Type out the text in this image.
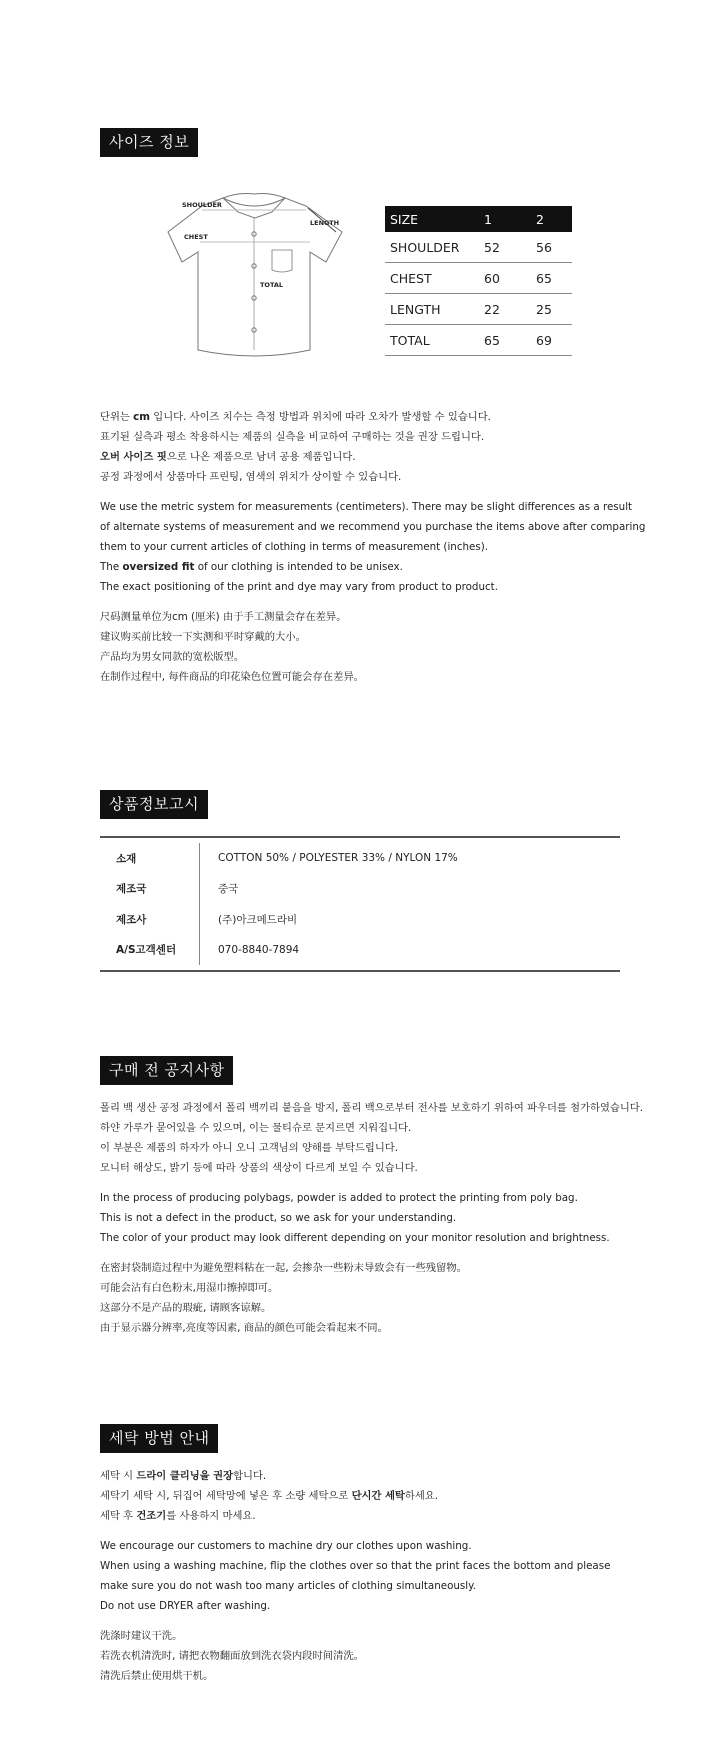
사이즈 정보
SHOULDER
CHEST
LENGTH
TOTAL
SIZE	1	2
SHOULDER	52	56
CHEST	60	65
LENGTH	22	25
TOTAL	65	69

단위는 cm 입니다. 사이즈 치수는 측정 방법과 위치에 따라 오차가 발생할 수 있습니다.

표기된 실측과 평소 착용하시는 제품의 실측을 비교하여 구매하는 것을 권장 드립니다.

오버 사이즈 핏으로 나온 제품으로 남녀 공용 제품입니다.

공정 과정에서 상품마다 프린팅, 염색의 위치가 상이할 수 있습니다.

We use the metric system for measurements (centimeters). There may be slight differences as a result

of alternate systems of measurement and we recommend you purchase the items above after comparing

them to your current articles of clothing in terms of measurement (inches).

The oversized fit of our clothing is intended to be unisex.

The exact positioning of the print and dye may vary from product to product.

尺码测量单位为cm (厘米) 由于手工测量会存在差异。

建议购买前比较一下实测和平时穿戴的大小。

产品均为男女同款的宽松版型。

在制作过程中, 每件商品的印花染色位置可能会存在差异。

상품정보고시
소재	COTTON 50% / POLYESTER 33% / NYLON 17%
제조국	중국
제조사	(주)아크메드라비
A/S고객센터	070-8840-7894
구매 전 공지사항

폴리 백 생산 공정 과정에서 폴리 백끼리 붙음을 방지, 폴리 백으로부터 전사를 보호하기 위하여 파우더를 첨가하였습니다.

하얀 가루가 묻어있을 수 있으며, 이는 물티슈로 문지르면 지워집니다.

이 부분은 제품의 하자가 아니 오니 고객님의 양해를 부탁드립니다.

모니터 해상도, 밝기 등에 따라 상품의 색상이 다르게 보일 수 있습니다.

In the process of producing polybags, powder is added to protect the printing from poly bag.

This is not a defect in the product, so we ask for your understanding.

The color of your product may look different depending on your monitor resolution and brightness.

在密封袋制造过程中为避免塑料粘在一起, 会掺杂一些粉末导致会有一些残留物。

可能会沾有白色粉末,用湿巾擦掉即可。

这部分不是产品的瑕疵, 请顾客谅解。

由于显示器分辨率,亮度等因素, 商品的颜色可能会看起来不同。

세탁 방법 안내

세탁 시 드라이 클리닝을 권장합니다.

세탁기 세탁 시, 뒤집어 세탁망에 넣은 후 소량 세탁으로 단시간 세탁하세요.

세탁 후 건조기를 사용하지 마세요.

We encourage our customers to machine dry our clothes upon washing.

When using a washing machine, flip the clothes over so that the print faces the bottom and please

make sure you do not wash too many articles of clothing simultaneously.

Do not use DRYER after washing.

洗涤时建议干洗。

若洗衣机清洗时, 请把衣物翻面放到洗衣袋内段时间清洗。

清洗后禁止使用烘干机。
